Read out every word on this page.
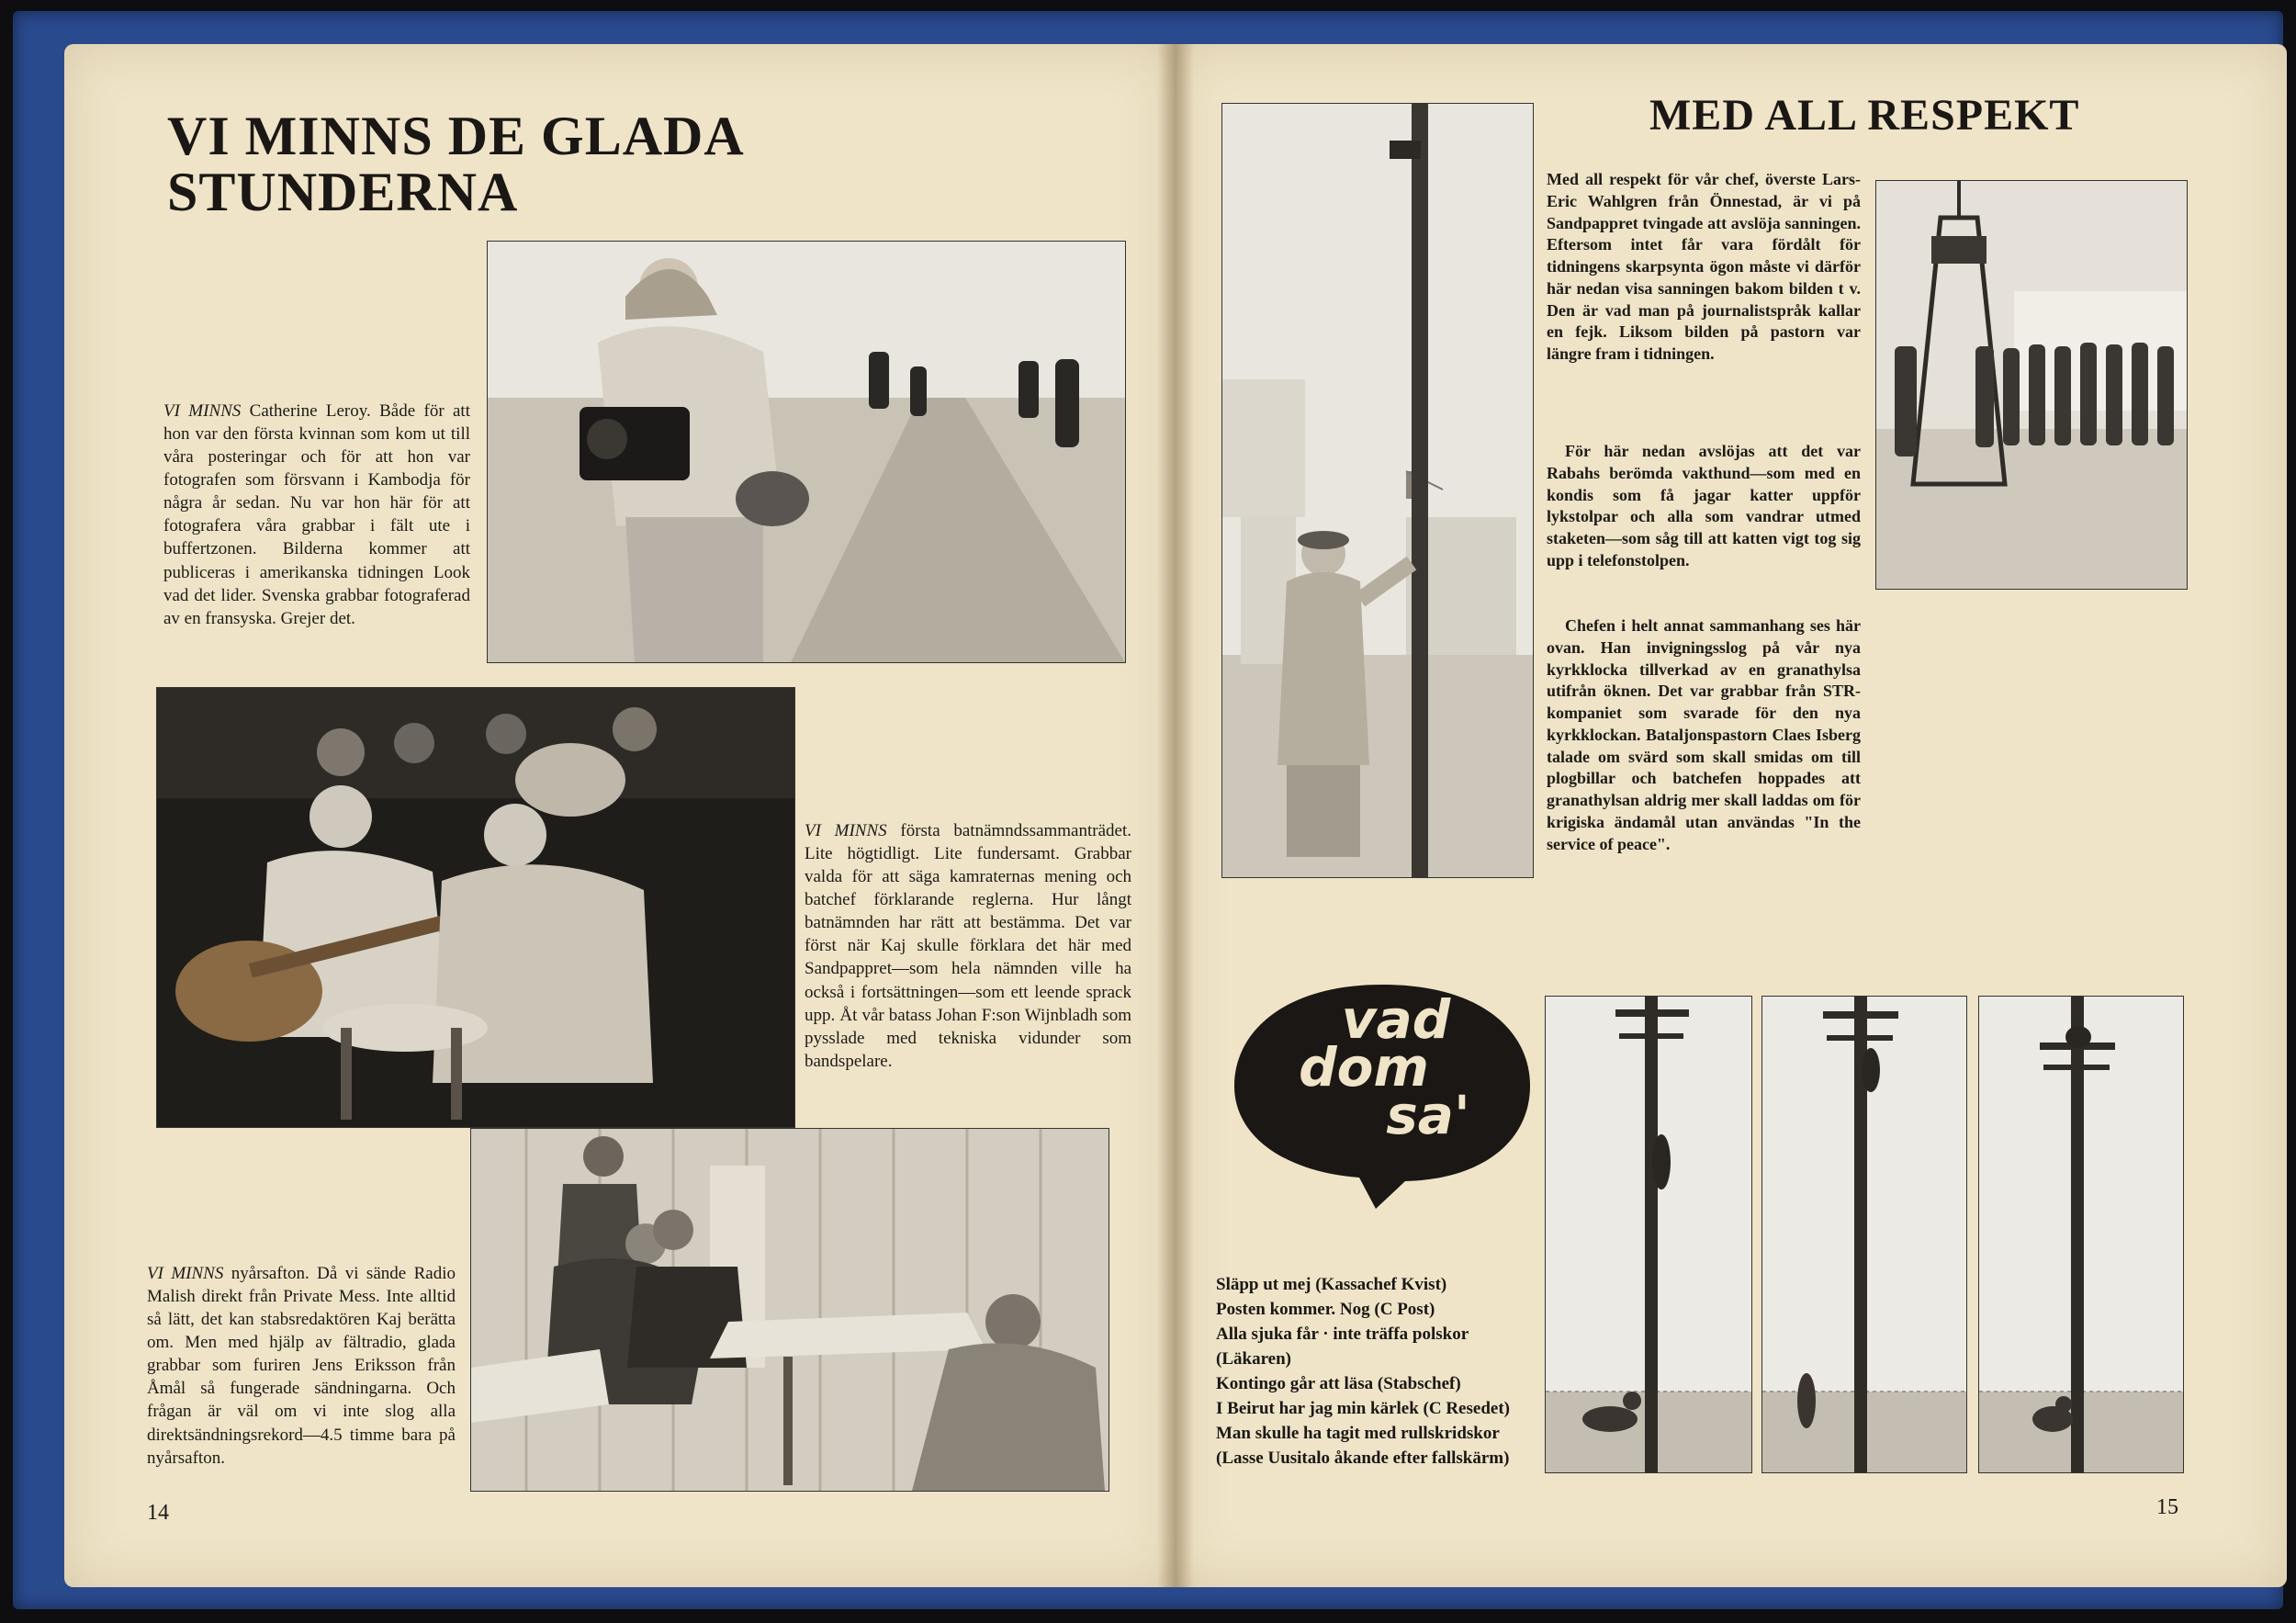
VI MINNS DE GLADA
STUNDERNA

VI MINNS Catherine Leroy. Både för att hon var den första kvinnan som kom ut till våra posteringar och för att hon var fotografen som försvann i Kambodja för några år sedan. Nu var hon här för att fotografera våra grabbar i fält ute i buffertzonen. Bilderna kommer att publiceras i amerikanska tidningen Look vad det lider. Svenska grabbar fotograferad av en fransyska. Grejer det.

VI MINNS första batnämndssammanträdet. Lite högtidligt. Lite fundersamt. Grabbar valda för att säga kamraternas mening och batchef förklarande reglerna. Hur långt batnämnden har rätt att bestämma. Det var först när Kaj skulle förklara det här med Sandpappret—som hela nämnden ville ha också i fortsättningen—som ett leende sprack upp. Åt vår batass Johan F:son Wijnbladh som pysslade med tekniska vidunder som bandspelare.

VI MINNS nyårsafton. Då vi sände Radio Malish direkt från Private Mess. Inte alltid så lätt, det kan stabsredaktören Kaj berätta om. Men med hjälp av fältradio, glada grabbar som furiren Jens Eriksson från Åmål så fungerade sändningarna. Och frågan är väl om vi inte slog alla direktsändningsrekord—4.5 timme bara på nyårsafton.

14
MED ALL RESPEKT

Med all respekt för vår chef, överste Lars-Eric Wahlgren från Önnestad, är vi på Sandpappret tvingade att avslöja sanningen. Eftersom intet får vara fördålt för tidningens skarpsynta ögon måste vi därför här nedan visa sanningen bakom bilden t v. Den är vad man på journalistspråk kallar en fejk. Liksom bilden på pastorn var längre fram i tidningen.

För här nedan avslöjas att det var Rabahs berömda vakthund—som med en kondis som få jagar katter uppför lykstolpar och alla som vandrar utmed staketen—som såg till att katten vigt tog sig upp i telefonstolpen.

Chefen i helt annat sammanhang ses här ovan. Han invigningsslog på vår nya kyrkklocka tillverkad av en granathylsa utifrån öknen. Det var grabbar från STR-kompaniet som svarade för den nya kyrkklockan. Bataljonspastorn Claes Isberg talade om svärd som skall smidas om till plogbillar och batchefen hoppades att granathylsan aldrig mer skall laddas om för krigiska ändamål utan användas "In the service of peace".

vad
dom
sa'
Släpp ut mej (Kassachef Kvist)
Posten kommer. Nog (C Post)
Alla sjuka får · inte träffa polskor
(Läkaren)
Kontingo går att läsa (Stabschef)
I Beirut har jag min kärlek (C Resedet)
Man skulle ha tagit med rullskridskor
(Lasse Uusitalo åkande efter fallskärm)
15
